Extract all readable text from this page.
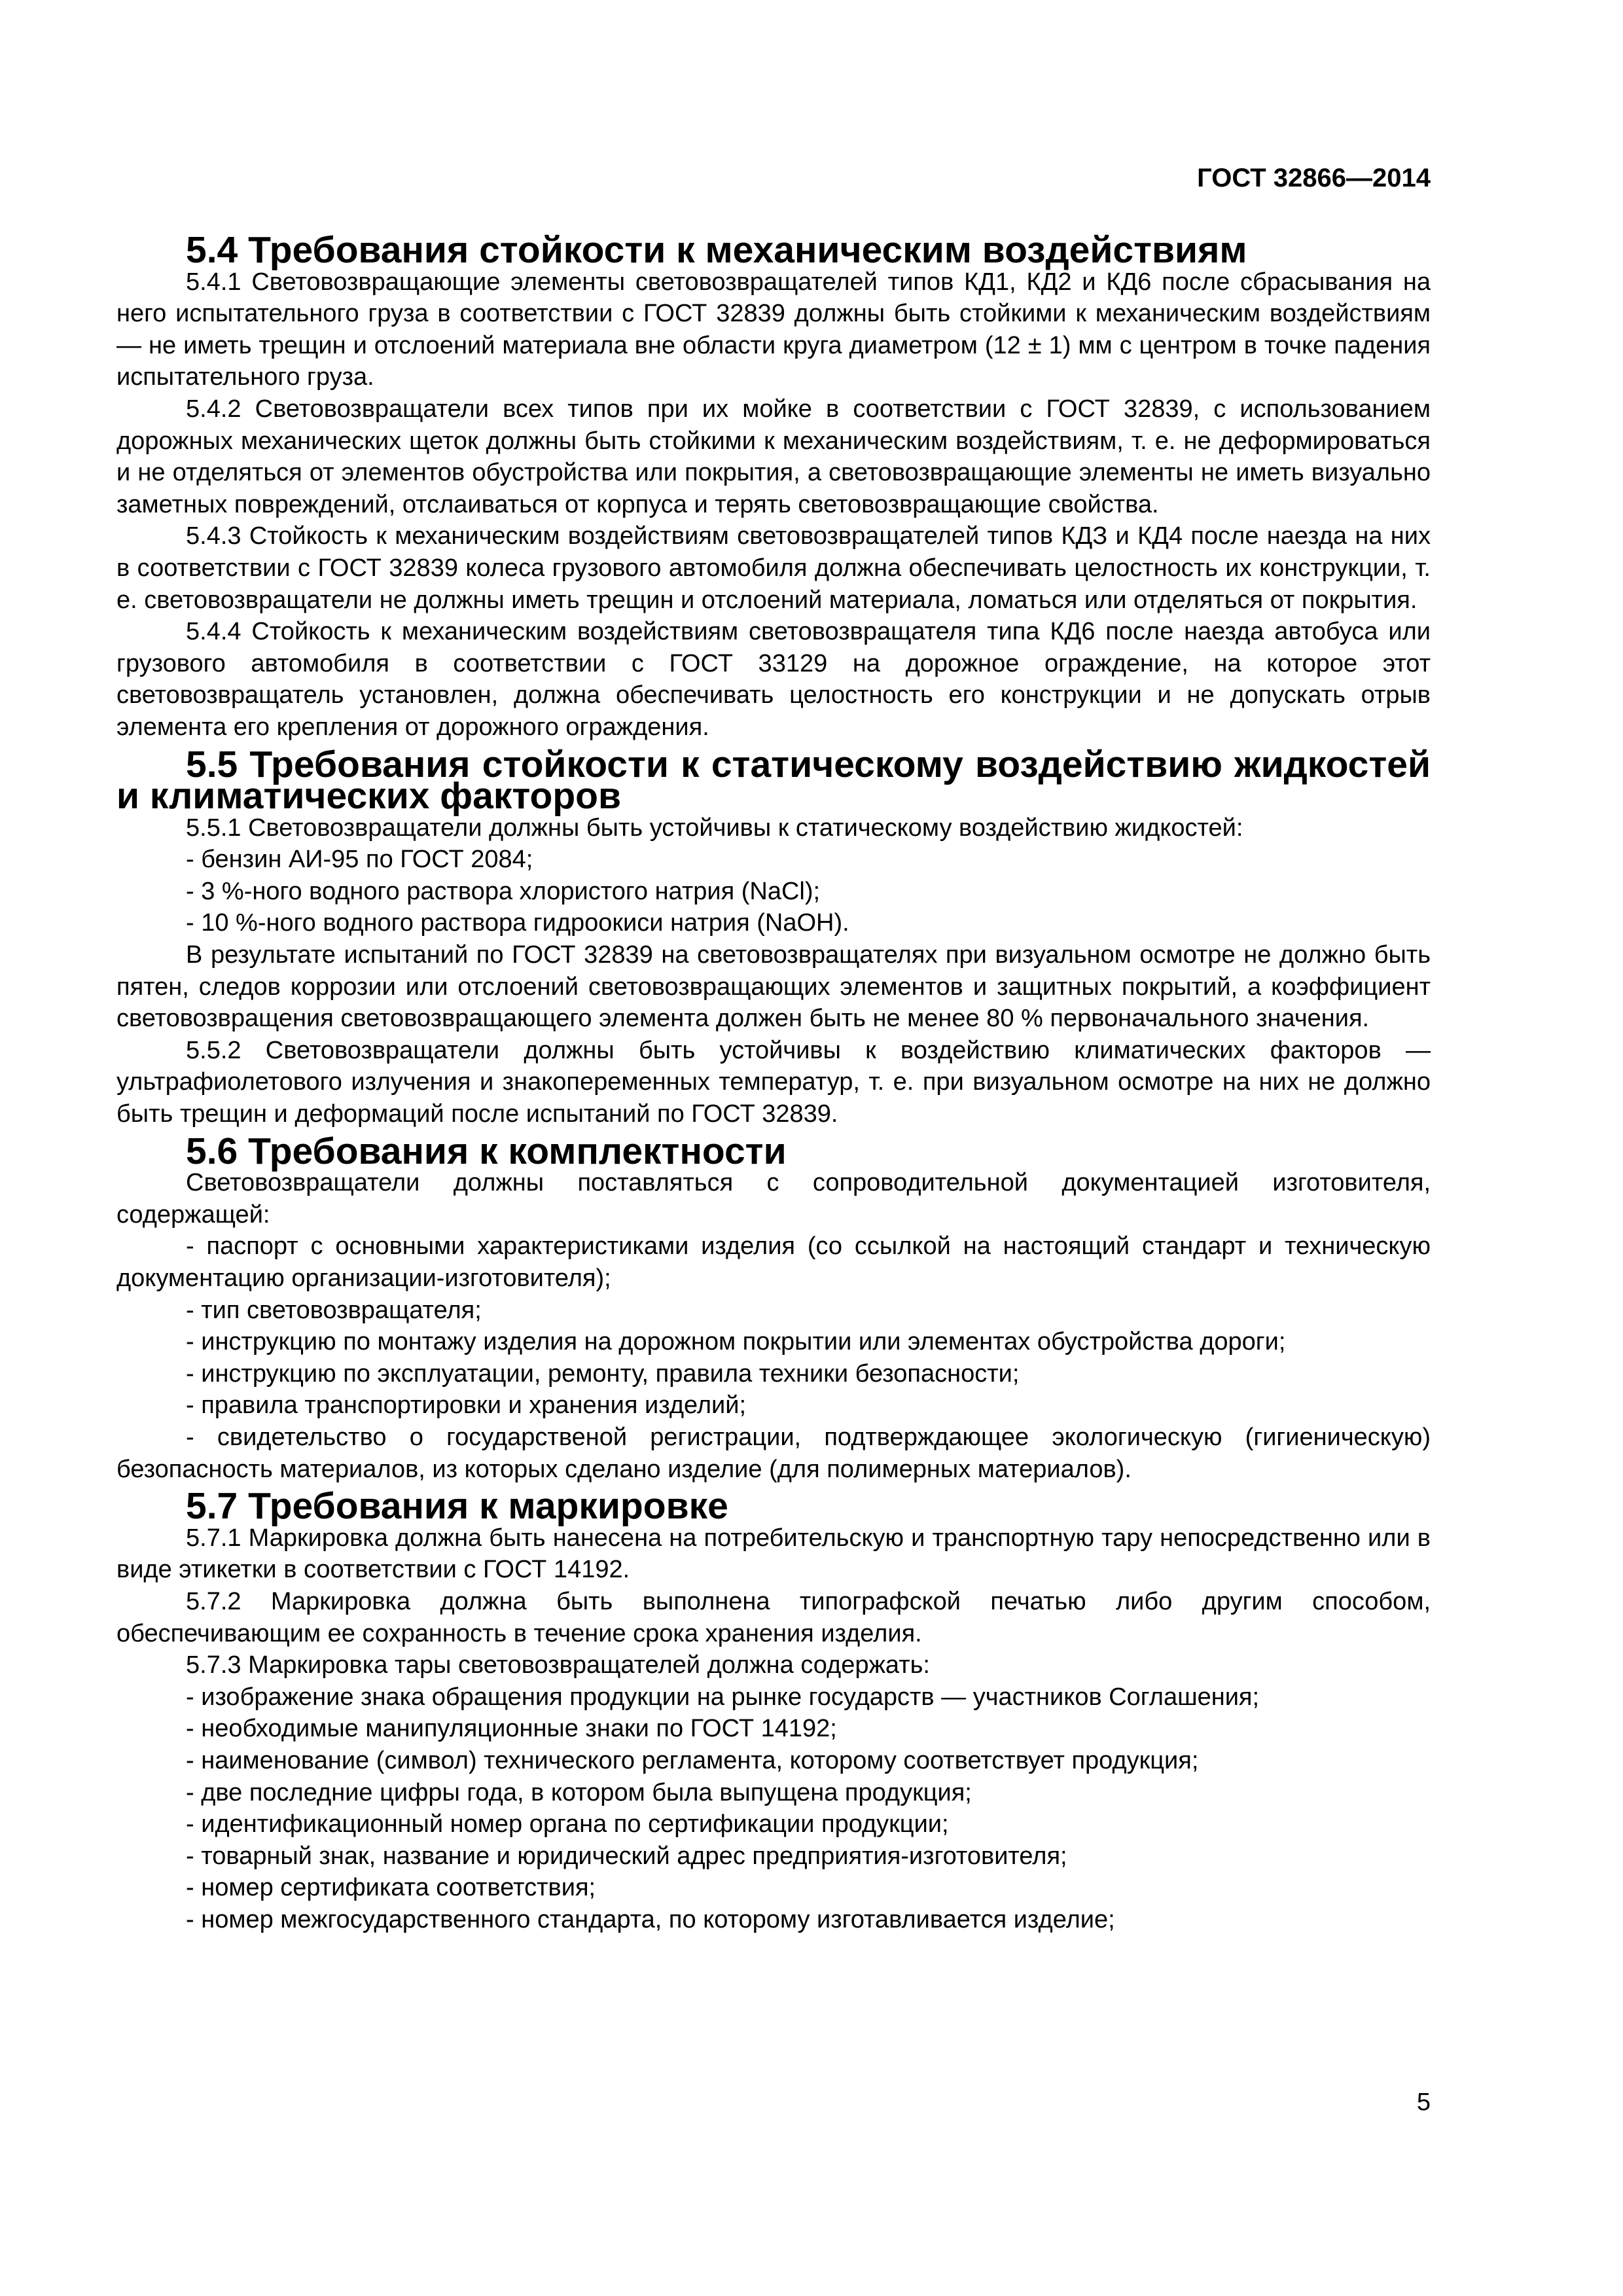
ГОСТ 32866—2014
5.4 Требования стойкости к механическим воздействиям

5.4.1 Световозвращающие элементы световозвращателей типов КД1, КД2 и КД6 после сбрасывания на него испытательного груза в соответствии с ГОСТ 32839 должны быть стойкими к механическим воздействиям — не иметь трещин и отслоений материала вне области круга диаметром (12 ± 1) мм с центром в точке падения испытательного груза.

5.4.2 Световозвращатели всех типов при их мойке в соответствии с ГОСТ 32839, с использованием дорожных механических щеток должны быть стойкими к механическим воздействиям, т. е. не деформироваться и не отделяться от элементов обустройства или покрытия, а световозвращающие элементы не иметь визуально заметных повреждений, отслаиваться от корпуса и терять световозвращающие свойства.

5.4.3 Стойкость к механическим воздействиям световозвращателей типов КДЗ и КД4 после наезда на них в соответствии с ГОСТ 32839 колеса грузового автомобиля должна обеспечивать целостность их конструкции, т. е. световозвращатели не должны иметь трещин и отслоений материала, ломаться или отделяться от покрытия.

5.4.4 Стойкость к механическим воздействиям световозвращателя типа КД6 после наезда автобуса или грузового автомобиля в соответствии с ГОСТ 33129 на дорожное ограждение, на которое этот световозвращатель установлен, должна обеспечивать целостность его конструкции и не допускать отрыв элемента его крепления от дорожного ограждения.

5.5 Требования стойкости к статическому воздействию жидкостей и климатических факторов

5.5.1 Световозвращатели должны быть устойчивы к статическому воздействию жидкостей:

- бензин АИ-95 по ГОСТ 2084;

- 3 %-ного водного раствора хлористого натрия (NaCl);

- 10 %-ного водного раствора гидроокиси натрия (NaOH).

В результате испытаний по ГОСТ 32839 на световозвращателях при визуальном осмотре не должно быть пятен, следов коррозии или отслоений световозвращающих элементов и защитных покрытий, а коэффициент световозвращения световозвращающего элемента должен быть не менее 80 % первоначального значения.

5.5.2 Световозвращатели должны быть устойчивы к воздействию климатических факторов — ультрафиолетового излучения и знакопеременных температур, т. е. при визуальном осмотре на них не должно быть трещин и деформаций после испытаний по ГОСТ 32839.

5.6 Требования к комплектности

Световозвращатели должны поставляться с сопроводительной документацией изготовителя, содержащей:

- паспорт с основными характеристиками изделия (со ссылкой на настоящий стандарт и техническую документацию организации-изготовителя);

- тип световозвращателя;

- инструкцию по монтажу изделия на дорожном покрытии или элементах обустройства дороги;

- инструкцию по эксплуатации, ремонту, правила техники безопасности;

- правила транспортировки и хранения изделий;

- свидетельство о государственой регистрации, подтверждающее экологическую (гигиеническую) безопасность материалов, из которых сделано изделие (для полимерных материалов).

5.7 Требования к маркировке

5.7.1 Маркировка должна быть нанесена на потребительскую и транспортную тару непосредственно или в виде этикетки в соответствии с ГОСТ 14192.

5.7.2 Маркировка должна быть выполнена типографской печатью либо другим способом, обеспечивающим ее сохранность в течение срока хранения изделия.

5.7.3 Маркировка тары световозвращателей должна содержать:

- изображение знака обращения продукции на рынке государств — участников Соглашения;

- необходимые манипуляционные знаки по ГОСТ 14192;

- наименование (символ) технического регламента, которому соответствует продукция;

- две последние цифры года, в котором была выпущена продукция;

- идентификационный номер органа по сертификации продукции;

- товарный знак, название и юридический адрес предприятия-изготовителя;

- номер сертификата соответствия;

- номер межгосударственного стандарта, по которому изготавливается изделие;

5
